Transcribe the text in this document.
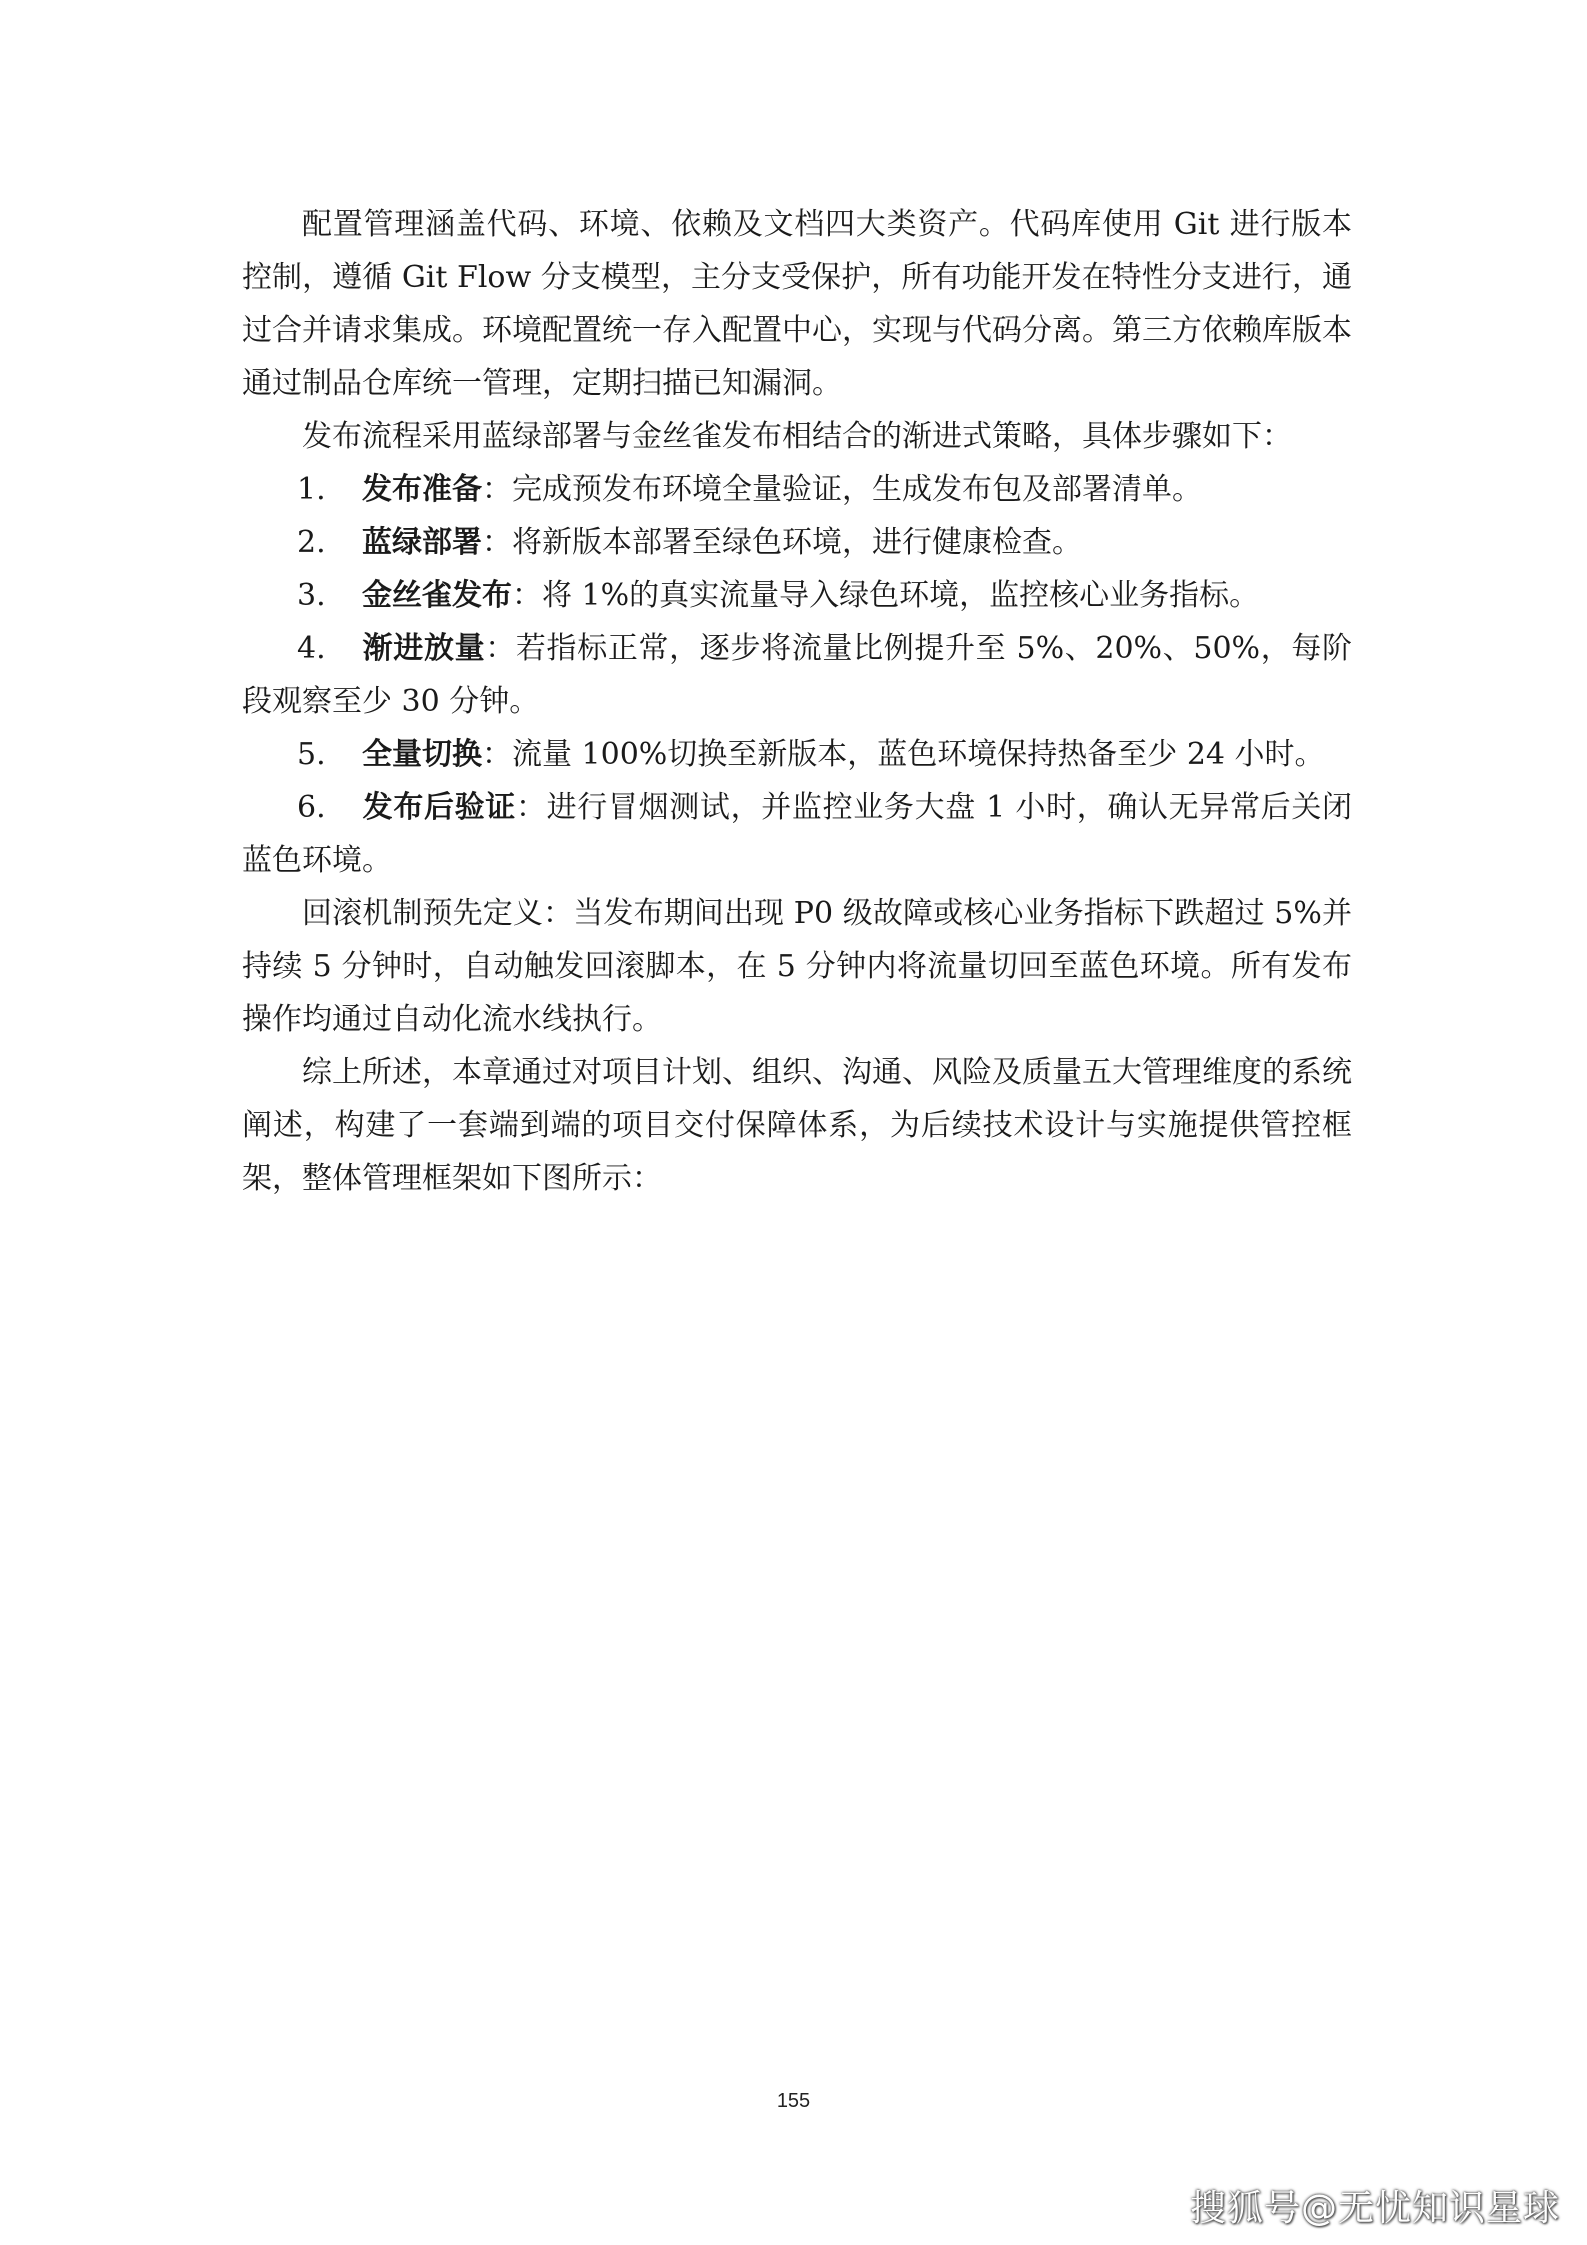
配置管理涵盖代码、环境、依赖及文档四大类资产。代码库使用 Git 进行版本控制，遵循 Git Flow 分支模型，主分支受保护，所有功能开发在特性分支进行，通过合并请求集成。环境配置统一存入配置中心，实现与代码分离。第三方依赖库版本通过制品仓库统一管理，定期扫描已知漏洞。

发布流程采用蓝绿部署与金丝雀发布相结合的渐进式策略，具体步骤如下：

1. 发布准备：完成预发布环境全量验证，生成发布包及部署清单。

2. 蓝绿部署：将新版本部署至绿色环境，进行健康检查。

3. 金丝雀发布：将 1%的真实流量导入绿色环境，监控核心业务指标。

4. 渐进放量：若指标正常，逐步将流量比例提升至 5%、20%、50%，每阶段观察至少 30 分钟。

5. 全量切换：流量 100%切换至新版本，蓝色环境保持热备至少 24 小时。

6. 发布后验证：进行冒烟测试，并监控业务大盘 1 小时，确认无异常后关闭蓝色环境。

回滚机制预先定义：当发布期间出现 P0 级故障或核心业务指标下跌超过 5%并持续 5 分钟时，自动触发回滚脚本，在 5 分钟内将流量切回至蓝色环境。所有发布操作均通过自动化流水线执行。

综上所述，本章通过对项目计划、组织、沟通、风险及质量五大管理维度的系统阐述，构建了一套端到端的项目交付保障体系，为后续技术设计与实施提供管控框架，整体管理框架如下图所示：

155
搜狐号@无忧知识星球
